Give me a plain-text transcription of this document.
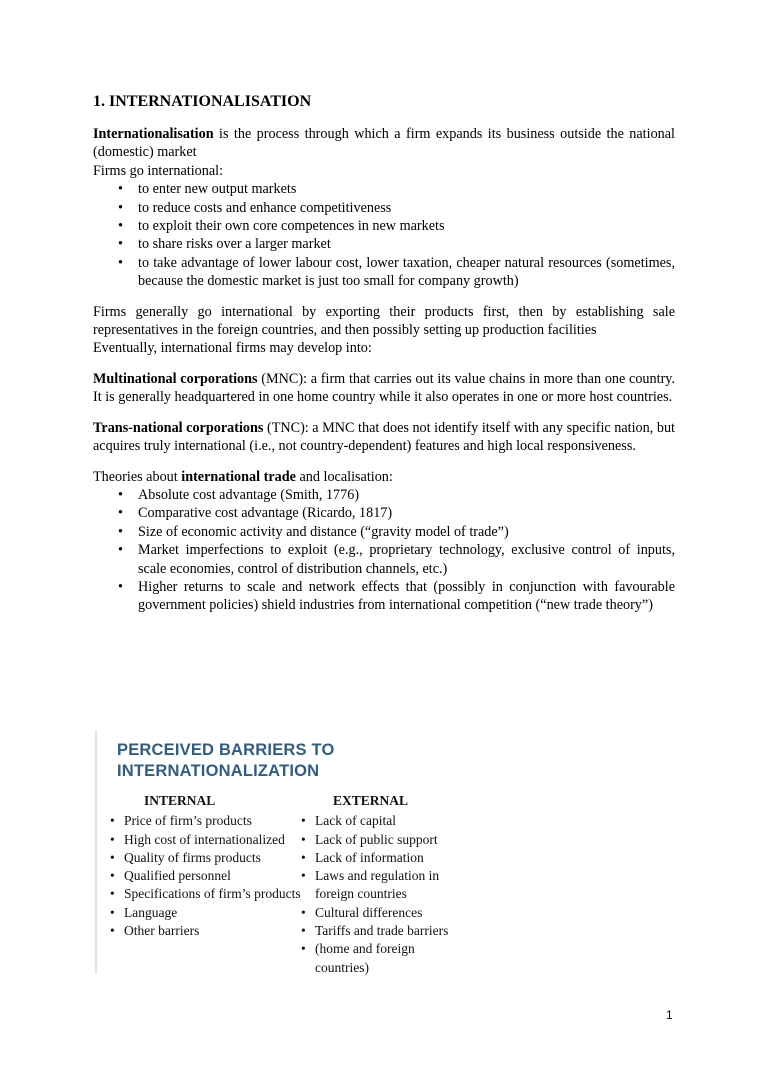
1. INTERNATIONALISATION

Internationalisation is the process through which a firm expands its business outside the national (domestic) market

Firms go international:

• to enter new output markets
• to reduce costs and enhance competitiveness
• to exploit their own core competences in new markets
• to share risks over a larger market
• to take advantage of lower labour cost, lower taxation, cheaper natural resources (sometimes, because the domestic market is just too small for company growth)

Firms generally go international by exporting their products first, then by establishing sale representatives in the foreign countries, and then possibly setting up production facilities

Eventually, international firms may develop into:

Multinational corporations (MNC): a firm that carries out its value chains in more than one country. It is generally headquartered in one home country while it also operates in one or more host countries.

Trans-national corporations (TNC): a MNC that does not identify itself with any specific nation, but acquires truly international (i.e., not country-dependent) features and high local responsiveness.

Theories about international trade and localisation:

• Absolute cost advantage (Smith, 1776)
• Comparative cost advantage (Ricardo, 1817)
• Size of economic activity and distance (“gravity model of trade”)
• Market imperfections to exploit (e.g., proprietary technology, exclusive control of inputs, scale economies, control of distribution channels, etc.)
• Higher returns to scale and network effects that (possibly in conjunction with favourable government policies) shield industries from international competition (“new trade theory”)
PERCEIVED BARRIERS TO
INTERNATIONALIZATION
INTERNAL
• Price of firm’s products
• High cost of internationalized
• Quality of firms products
• Qualified personnel
• Specifications of firm’s products
• Language
• Other barriers
EXTERNAL
• Lack of capital
• Lack of public support
• Lack of information
• Laws and regulation in foreign countries
• Cultural differences
• Tariffs and trade barriers
• (home and foreign countries)
1
